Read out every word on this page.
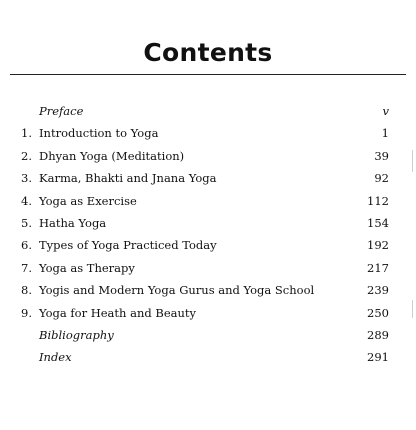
Contents
Preface	v
1. Introduction to Yoga	1
2. Dhyan Yoga (Meditation)	39
3. Karma, Bhakti and Jnana Yoga	92
4. Yoga as Exercise	112
5. Hatha Yoga	154
6. Types of Yoga Practiced Today	192
7. Yoga as Therapy	217
8. Yogis and Modern Yoga Gurus and Yoga School	239
9. Yoga for Heath and Beauty	250
Bibliography	289
Index	291
